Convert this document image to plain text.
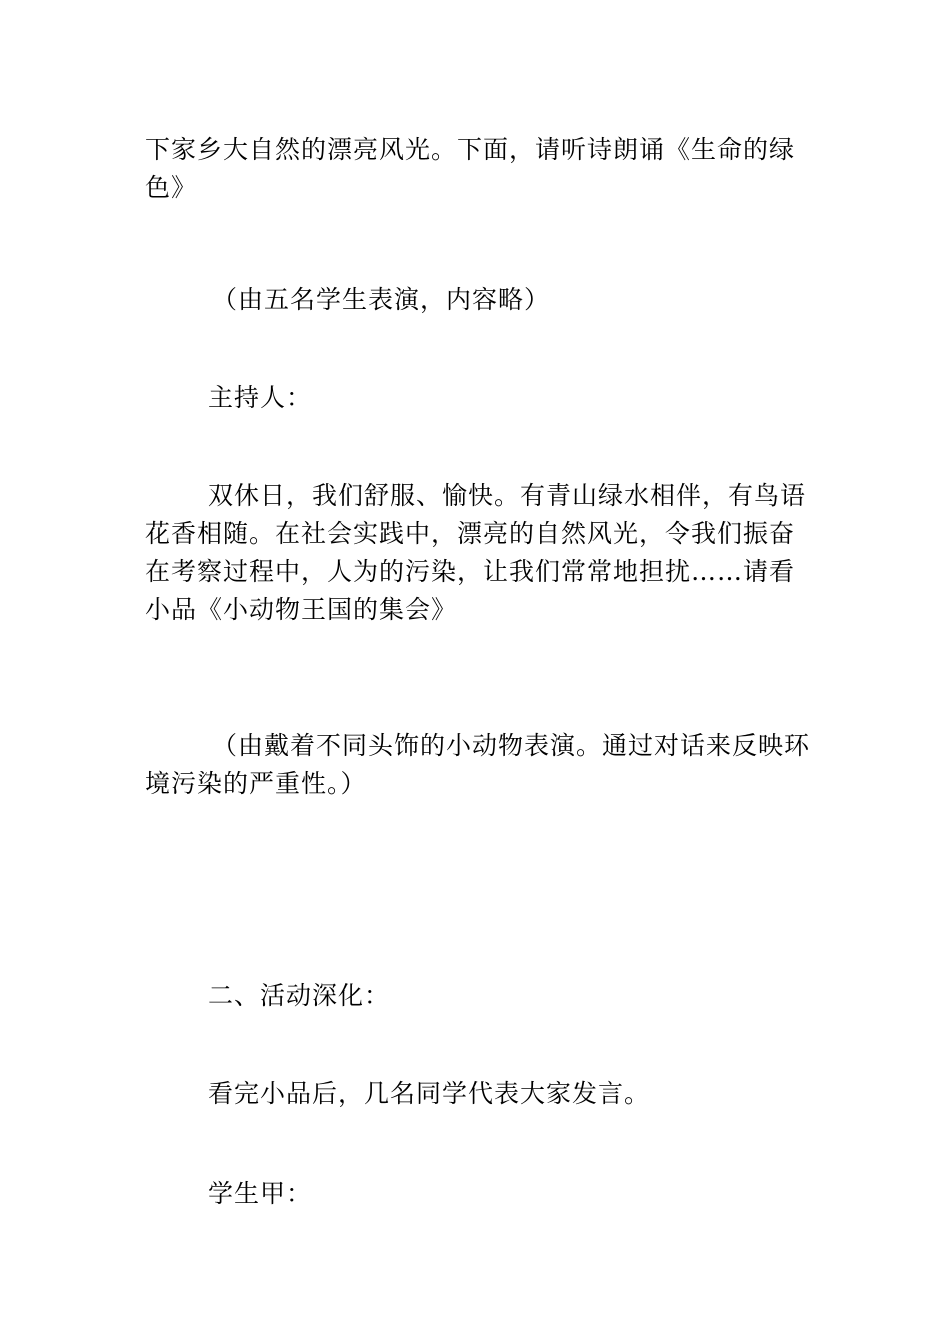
下家乡大自然的漂亮风光。下面，请听诗朗诵《生命的绿
色》
（由五名学生表演，内容略）
主持人：
双休日，我们舒服、愉快。有青山绿水相伴，有鸟语
花香相随。在社会实践中，漂亮的自然风光，令我们振奋
在考察过程中，人为的污染，让我们常常地担扰……请看
小品《小动物王国的集会》
（由戴着不同头饰的小动物表演。通过对话来反映环
境污染的严重性。）
二、活动深化：
看完小品后，几名同学代表大家发言。
学生甲：
